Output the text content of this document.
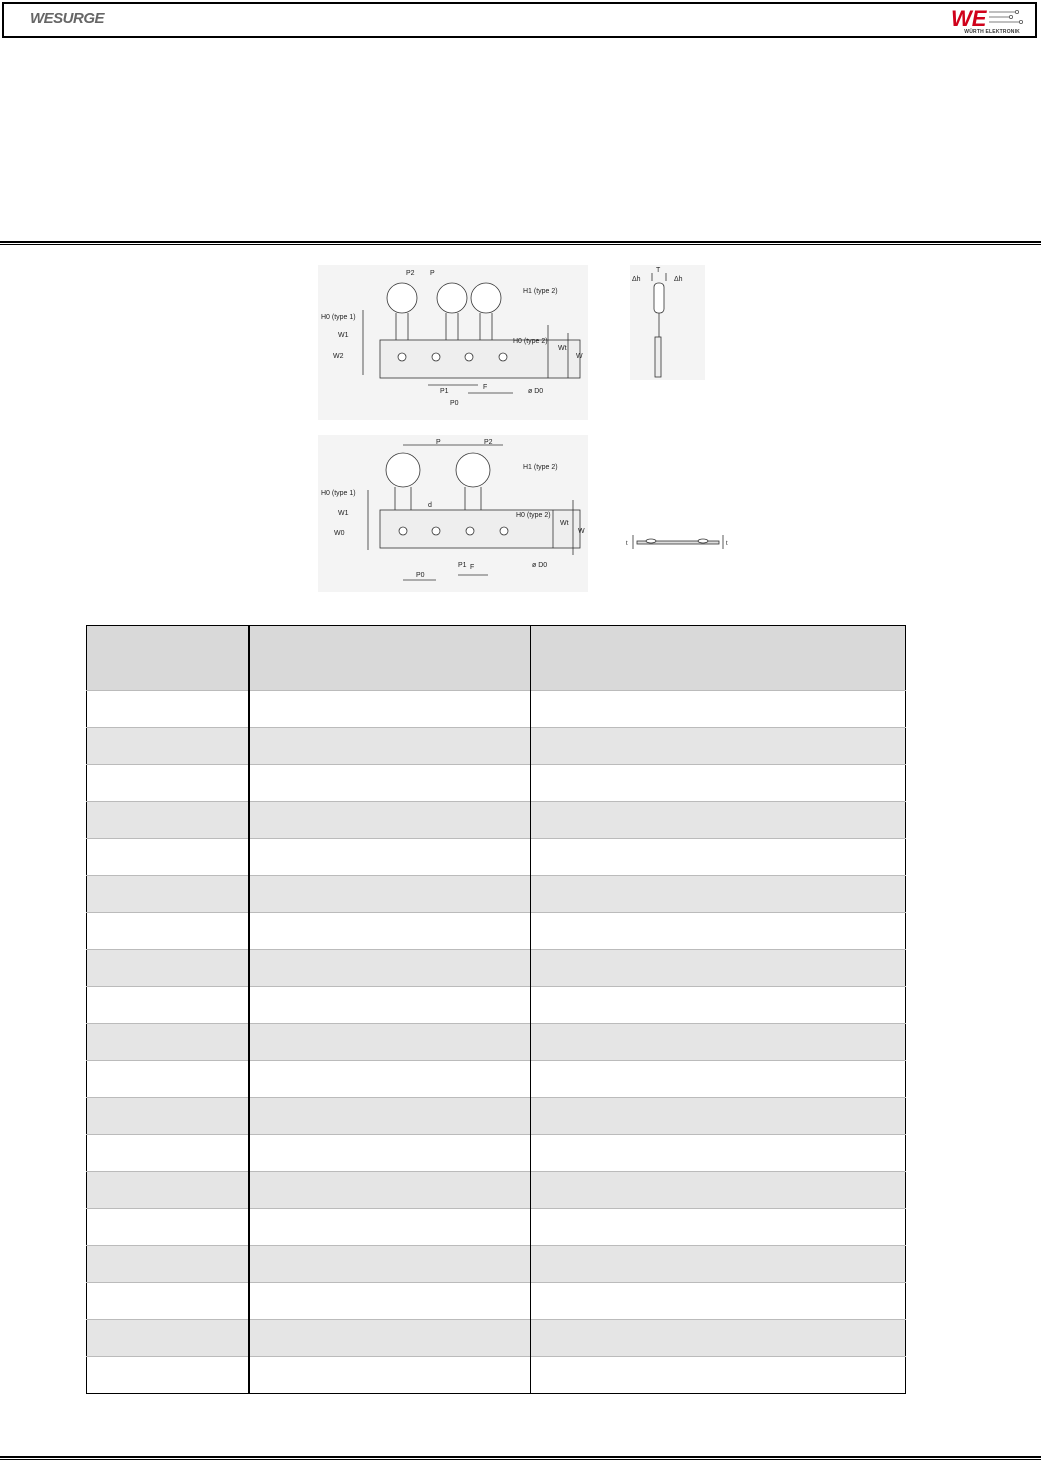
WESURGE	WE
WÜRTH ELEKTRONIK
P2 P
H1 (type 2)
H0 (type 1)
W1
H0 (type 2)
W2
Wt
W
P1
F
P0
ø D0
Δh
T
Δh
P	P2
H1 (type 2)
H0 (type 1)
d
W1	H0 (type 2)
W0
Wt
W
P0
P1 F	ø D0
t	t
